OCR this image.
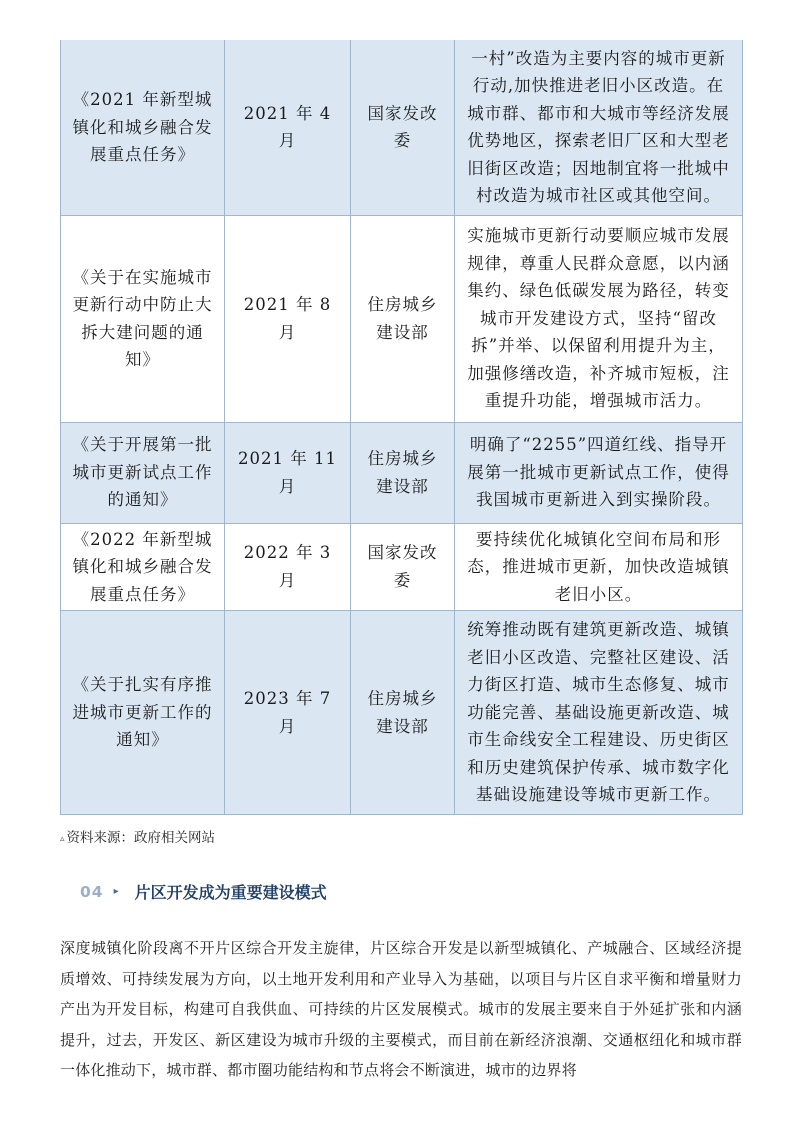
《2021 年新型城镇化和城乡融合发展重点任务》	2021 年 4 月	国家发改委	一村”改造为主要内容的城市更新行动,加快推进老旧小区改造。在城市群、都市和大城市等经济发展优势地区，探索老旧厂区和大型老旧街区改造；因地制宜将一批城中村改造为城市社区或其他空间。
《关于在实施城市更新行动中防止大拆大建问题的通知》	2021 年 8 月	住房城乡建设部	实施城市更新行动要顺应城市发展规律，尊重人民群众意愿，以内涵集约、绿色低碳发展为路径，转变城市开发建设方式，坚持“留改拆”并举、以保留利用提升为主，加强修缮改造，补齐城市短板，注重提升功能，增强城市活力。
《关于开展第一批城市更新试点工作的通知》	2021 年 11 月	住房城乡建设部	明确了“2255”四道红线、指导开展第一批城市更新试点工作，使得我国城市更新进入到实操阶段。
《2022 年新型城镇化和城乡融合发展重点任务》	2022 年 3 月	国家发改委	要持续优化城镇化空间布局和形态，推进城市更新，加快改造城镇老旧小区。
《关于扎实有序推进城市更新工作的通知》	2023 年 7 月	住房城乡建设部	统筹推动既有建筑更新改造、城镇老旧小区改造、完整社区建设、活力街区打造、城市生态修复、城市功能完善、基础设施更新改造、城市生命线安全工程建设、历史街区和历史建筑保护传承、城市数字化基础设施建设等城市更新工作。
▵ 资料来源：政府相关网站
04 ▸ 片区开发成为重要建设模式
深度城镇化阶段离不开片区综合开发主旋律，片区综合开发是以新型城镇化、产城融合、区域经济提质增效、可持续发展为方向，以土地开发利用和产业导入为基础，以项目与片区自求平衡和增量财力产出为开发目标，构建可自我供血、可持续的片区发展模式。城市的发展主要来自于外延扩张和内涵提升，过去，开发区、新区建设为城市升级的主要模式，而目前在新经济浪潮、交通枢纽化和城市群一体化推动下，城市群、都市圈功能结构和节点将会不断演进，城市的边界将
